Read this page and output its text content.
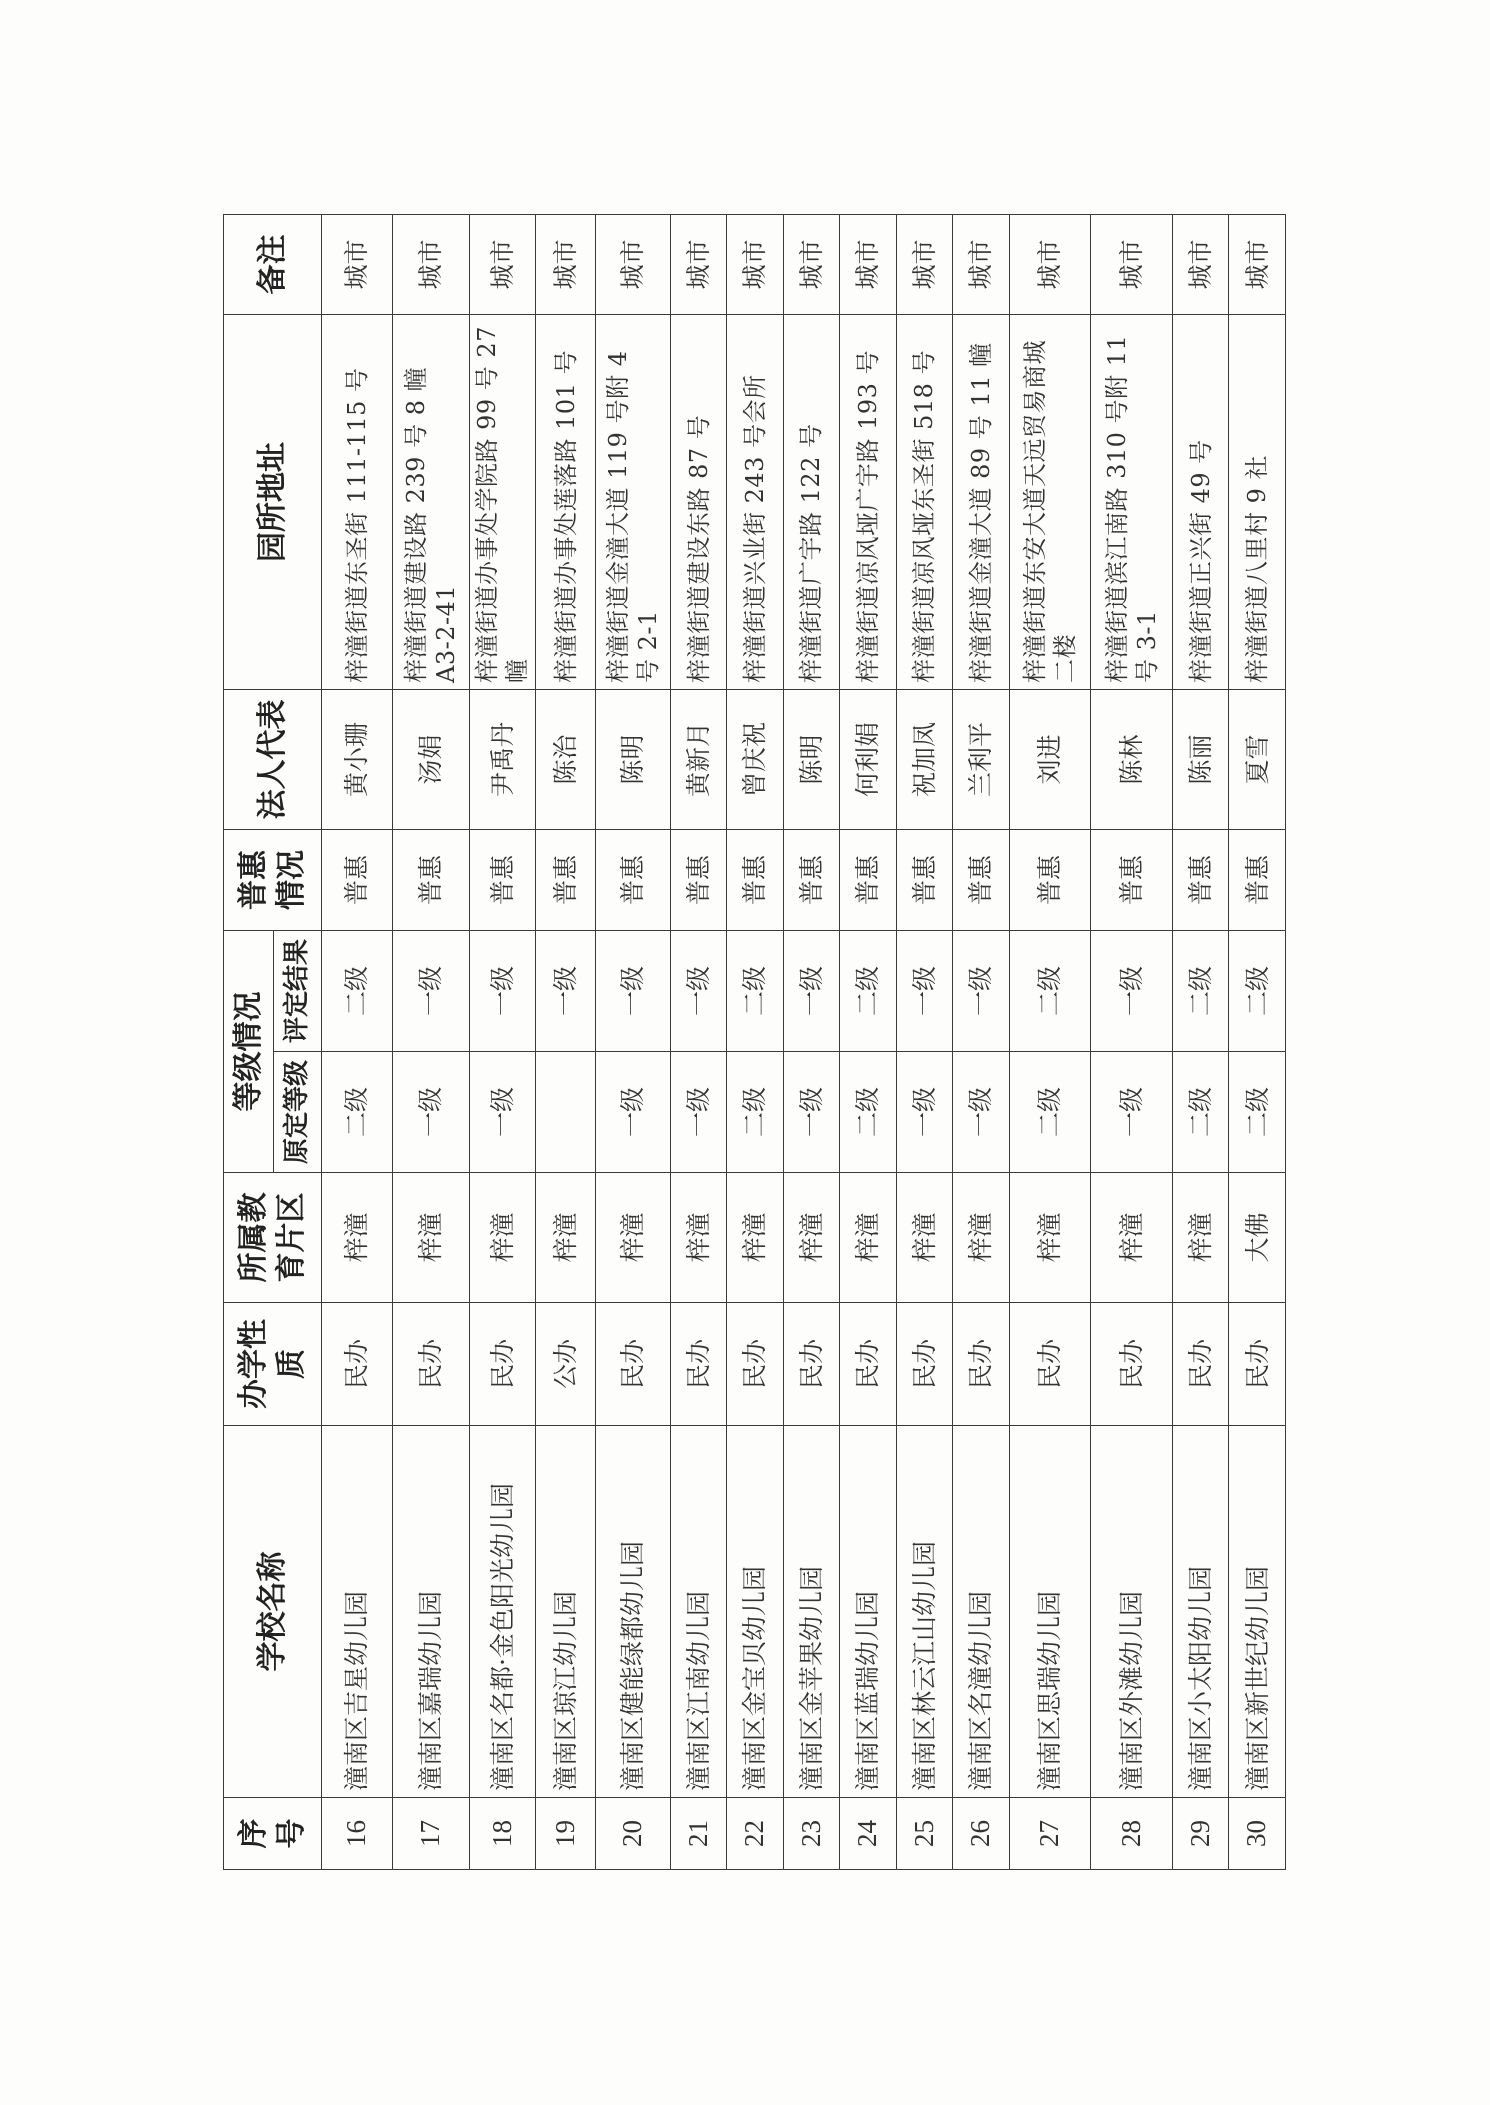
序号	学校名称	办学性质	所属教育片区	等级情况		普惠情况	法人代表	园所地址	备注
				原定等级	评定结果				
16	潼南区吉星幼儿园	民办	梓潼	二级	二级	普惠	黄小珊	梓潼街道东圣街 111-115 号	城市
17	潼南区嘉瑞幼儿园	民办	梓潼	一级	一级	普惠	汤娟	梓潼街道建设路 239 号 8 幢 A3-2-41	城市
18	潼南区名都·金色阳光幼儿园	民办	梓潼	一级	一级	普惠	尹禹丹	梓潼街道办事处学院路 99 号 27 幢	城市
19	潼南区琼江幼儿园	公办	梓潼		一级	普惠	陈治	梓潼街道办事处莲落路 101 号	城市
20	潼南区健能绿都幼儿园	民办	梓潼	一级	一级	普惠	陈明	梓潼街道金潼大道 119 号附 4 号 2-1	城市
21	潼南区江南幼儿园	民办	梓潼	一级	一级	普惠	黄新月	梓潼街道建设东路 87 号	城市
22	潼南区金宝贝幼儿园	民办	梓潼	二级	二级	普惠	曾庆祝	梓潼街道兴业街 243 号会所	城市
23	潼南区金苹果幼儿园	民办	梓潼	一级	一级	普惠	陈明	梓潼街道广宇路 122 号	城市
24	潼南区蓝瑞幼儿园	民办	梓潼	二级	二级	普惠	何利娟	梓潼街道凉风垭广宇路 193 号	城市
25	潼南区林云江山幼儿园	民办	梓潼	一级	一级	普惠	祝加凤	梓潼街道凉风垭东圣街 518 号	城市
26	潼南区名潼幼儿园	民办	梓潼	一级	一级	普惠	兰利平	梓潼街道金潼大道 89 号 11 幢	城市
27	潼南区思瑞幼儿园	民办	梓潼	二级	二级	普惠	刘进	梓潼街道东安大道天远贸易商城二楼	城市
28	潼南区外滩幼儿园	民办	梓潼	一级	一级	普惠	陈林	梓潼街道滨江南路 310 号附 11 号 3-1	城市
29	潼南区小太阳幼儿园	民办	梓潼	二级	二级	普惠	陈丽	梓潼街道正兴街 49 号	城市
30	潼南区新世纪幼儿园	民办	大佛	二级	二级	普惠	夏雪	梓潼街道八里村 9 社	城市
